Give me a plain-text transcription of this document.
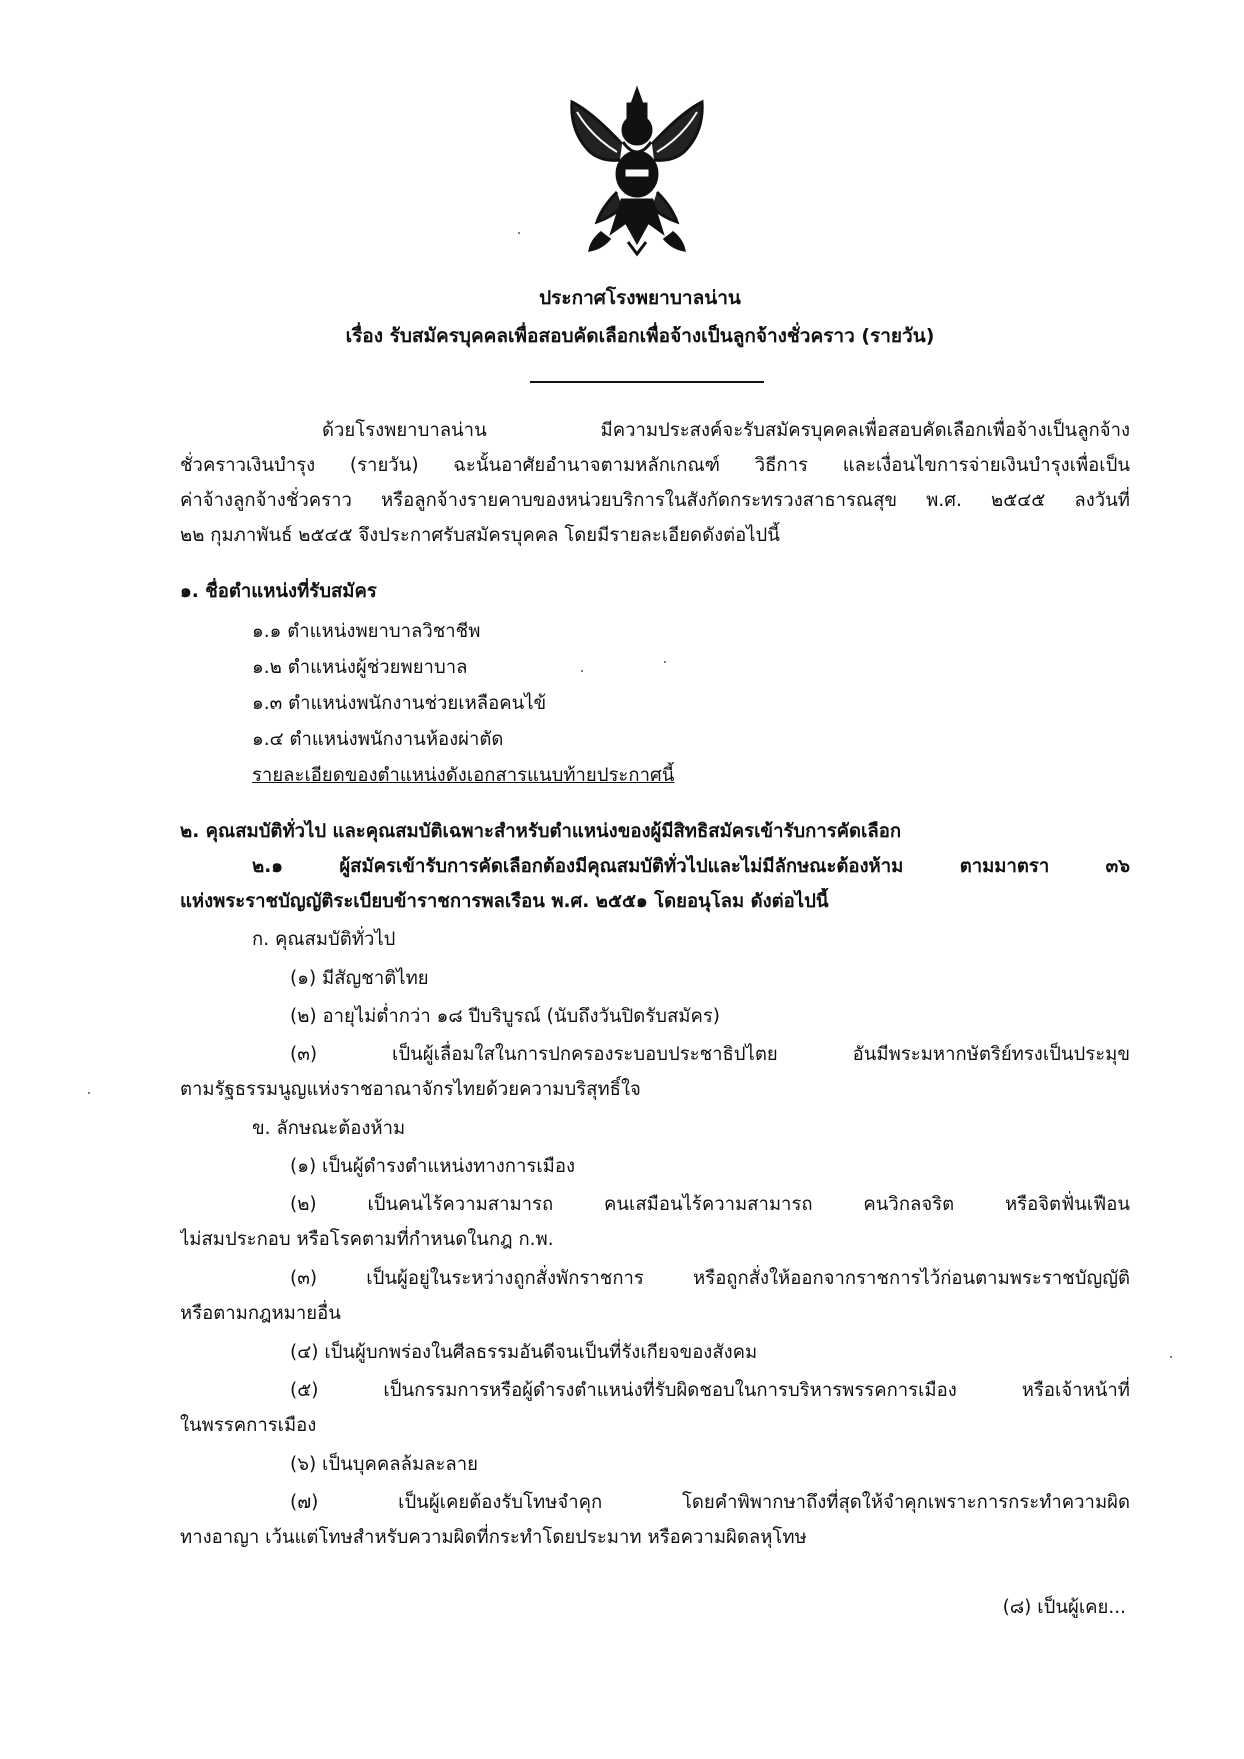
ประกาศโรงพยาบาลน่าน
เรื่อง รับสมัครบุคคลเพื่อสอบคัดเลือกเพื่อจ้างเป็นลูกจ้างชั่วคราว (รายวัน)
ด้วยโรงพยาบาลน่าน มีความประสงค์จะรับสมัครบุคคลเพื่อสอบคัดเลือกเพื่อจ้างเป็นลูกจ้าง
ชั่วคราวเงินบำรุง (รายวัน) ฉะนั้นอาศัยอำนาจตามหลักเกณฑ์ วิธีการ และเงื่อนไขการจ่ายเงินบำรุงเพื่อเป็น
ค่าจ้างลูกจ้างชั่วคราว หรือลูกจ้างรายคาบของหน่วยบริการในสังกัดกระทรวงสาธารณสุข พ.ศ. ๒๕๔๕ ลงวันที่
๒๒ กุมภาพันธ์ ๒๕๔๕ จึงประกาศรับสมัครบุคคล โดยมีรายละเอียดดังต่อไปนี้
๑. ชื่อตำแหน่งที่รับสมัคร
๑.๑ ตำแหน่งพยาบาลวิชาชีพ
๑.๒ ตำแหน่งผู้ช่วยพยาบาล
๑.๓ ตำแหน่งพนักงานช่วยเหลือคนไข้
๑.๔ ตำแหน่งพนักงานห้องผ่าตัด
รายละเอียดของตำแหน่งดังเอกสารแนบท้ายประกาศนี้
๒. คุณสมบัติทั่วไป และคุณสมบัติเฉพาะสำหรับตำแหน่งของผู้มีสิทธิสมัครเข้ารับการคัดเลือก
๒.๑ ผู้สมัครเข้ารับการคัดเลือกต้องมีคุณสมบัติทั่วไปและไม่มีลักษณะต้องห้าม ตามมาตรา ๓๖
แห่งพระราชบัญญัติระเบียบข้าราชการพลเรือน พ.ศ. ๒๕๕๑ โดยอนุโลม ดังต่อไปนี้
ก. คุณสมบัติทั่วไป
(๑) มีสัญชาติไทย
(๒) อายุไม่ต่ำกว่า ๑๘ ปีบริบูรณ์ (นับถึงวันปิดรับสมัคร)
(๓) เป็นผู้เลื่อมใสในการปกครองระบอบประชาธิปไตย อันมีพระมหากษัตริย์ทรงเป็นประมุข
ตามรัฐธรรมนูญแห่งราชอาณาจักรไทยด้วยความบริสุทธิ์ใจ
ข. ลักษณะต้องห้าม
(๑) เป็นผู้ดำรงตำแหน่งทางการเมือง
(๒) เป็นคนไร้ความสามารถ คนเสมือนไร้ความสามารถ คนวิกลจริต หรือจิตฟั่นเฟือน
ไม่สมประกอบ หรือโรคตามที่กำหนดในกฎ ก.พ.
(๓) เป็นผู้อยู่ในระหว่างถูกสั่งพักราชการ หรือถูกสั่งให้ออกจากราชการไว้ก่อนตามพระราชบัญญัติ
หรือตามกฎหมายอื่น
(๔) เป็นผู้บกพร่องในศีลธรรมอันดีจนเป็นที่รังเกียจของสังคม
(๕) เป็นกรรมการหรือผู้ดำรงตำแหน่งที่รับผิดชอบในการบริหารพรรคการเมือง หรือเจ้าหน้าที่
ในพรรคการเมือง
(๖) เป็นบุคคลล้มละลาย
(๗) เป็นผู้เคยต้องรับโทษจำคุก โดยคำพิพากษาถึงที่สุดให้จำคุกเพราะการกระทำความผิด
ทางอาญา เว้นแต่โทษสำหรับความผิดที่กระทำโดยประมาท หรือความผิดลหุโทษ
(๘) เป็นผู้เคย...
